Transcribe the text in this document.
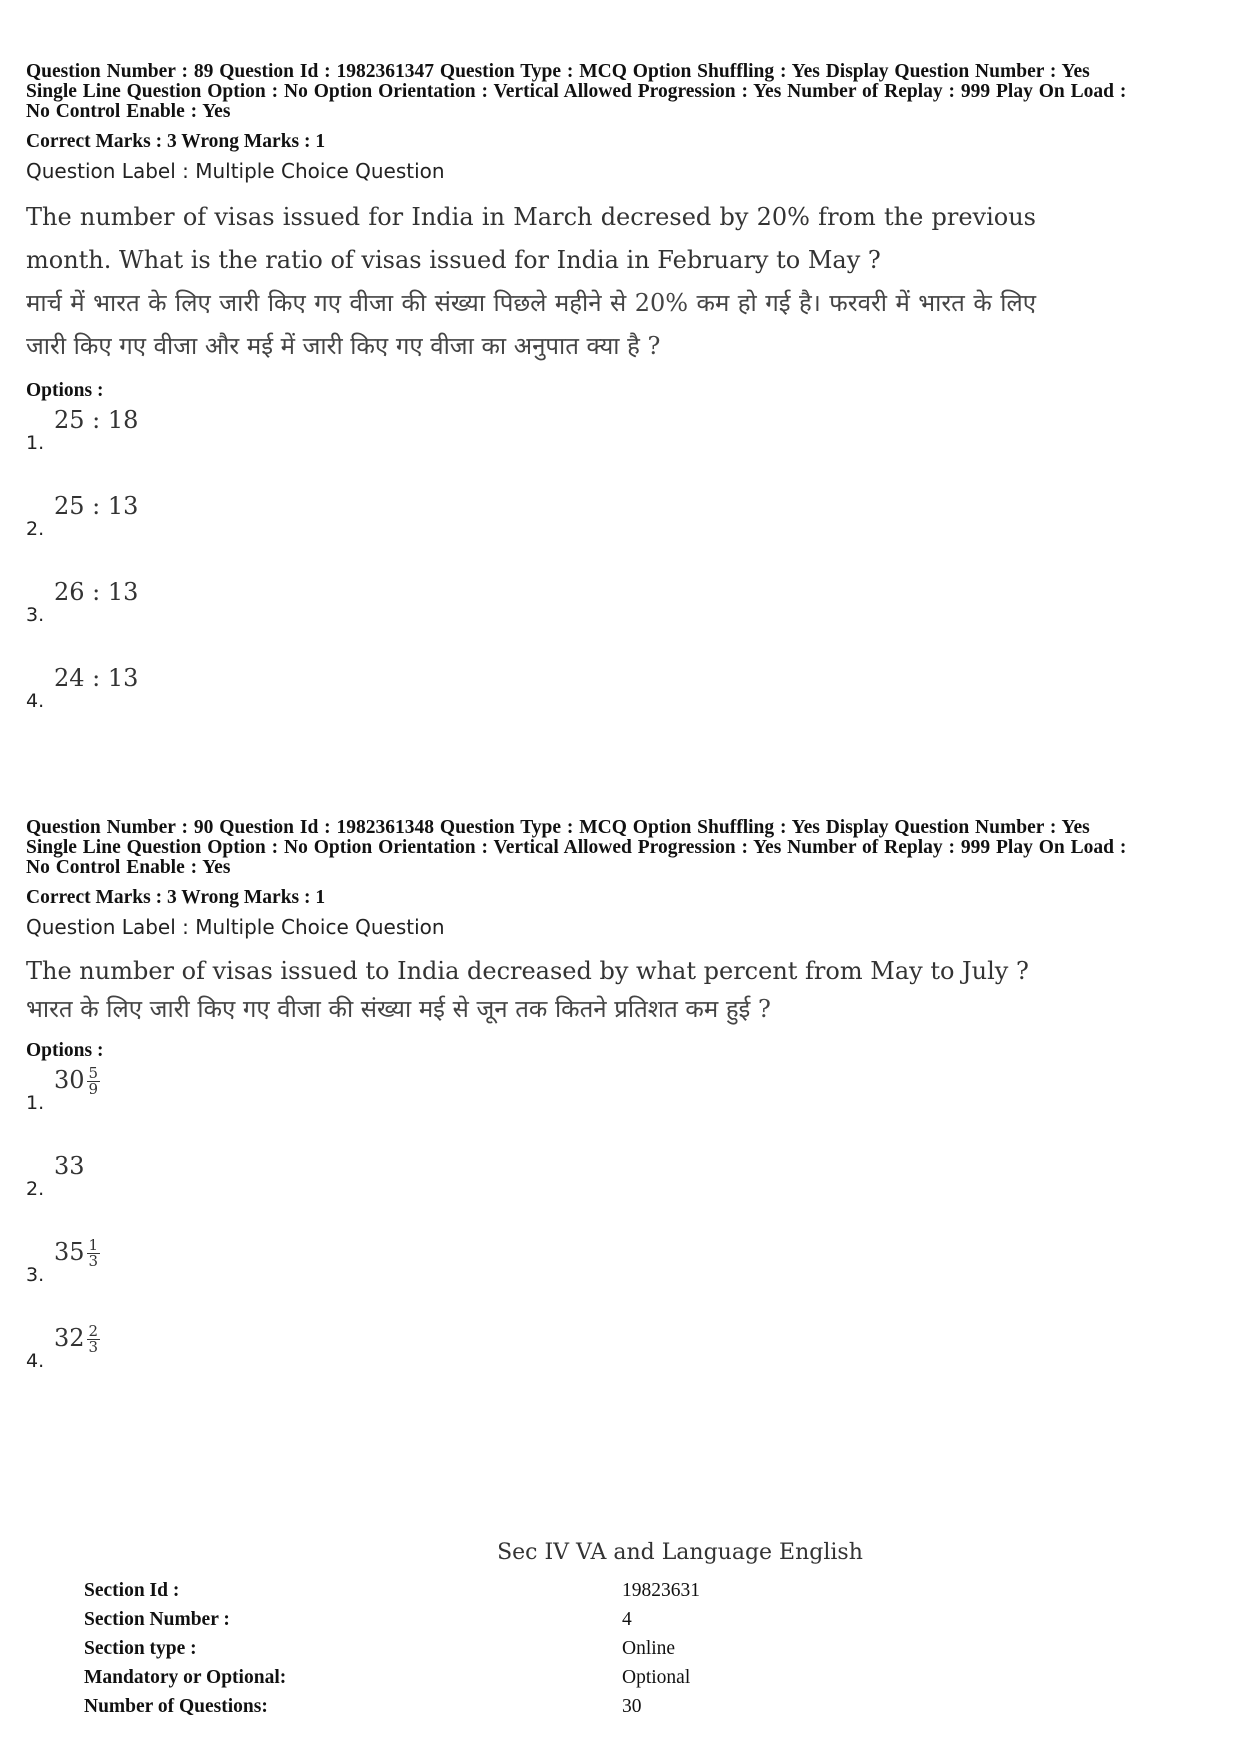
Question Number : 89 Question Id : 1982361347 Question Type : MCQ Option Shuffling : Yes Display Question Number : Yes
Single Line Question Option : No Option Orientation : Vertical Allowed Progression : Yes Number of Replay : 999 Play On Load :
No Control Enable : Yes
Correct Marks : 3 Wrong Marks : 1
Question Label : Multiple Choice Question
The number of visas issued for India in March decresed by 20% from the previous month. What is the ratio of visas issued for India in February to May ?
मार्च में भारत के लिए जारी किए गए वीजा की संख्या पिछले महीने से 20% कम हो गई है। फरवरी में भारत के लिए जारी किए गए वीजा और मई में जारी किए गए वीजा का अनुपात क्या है ?
Options :
1.
25 : 18
2.
25 : 13
3.
26 : 13
4.
24 : 13
Question Number : 90 Question Id : 1982361348 Question Type : MCQ Option Shuffling : Yes Display Question Number : Yes
Single Line Question Option : No Option Orientation : Vertical Allowed Progression : Yes Number of Replay : 999 Play On Load :
No Control Enable : Yes
Correct Marks : 3 Wrong Marks : 1
Question Label : Multiple Choice Question
The number of visas issued to India decreased by what percent from May to July ?
भारत के लिए जारी किए गए वीजा की संख्या मई से जून तक कितने प्रतिशत कम हुई ?
Options :
1.
$30 \frac{5}{9}$
2.
33
3.
$35 \frac{1}{3}$
4.
$32 \frac{2}{3}$
Sec IV VA and Language English
Section Id :	19823631
Section Number :	4
Section type :	Online
Mandatory or Optional:	Optional
Number of Questions:	30
